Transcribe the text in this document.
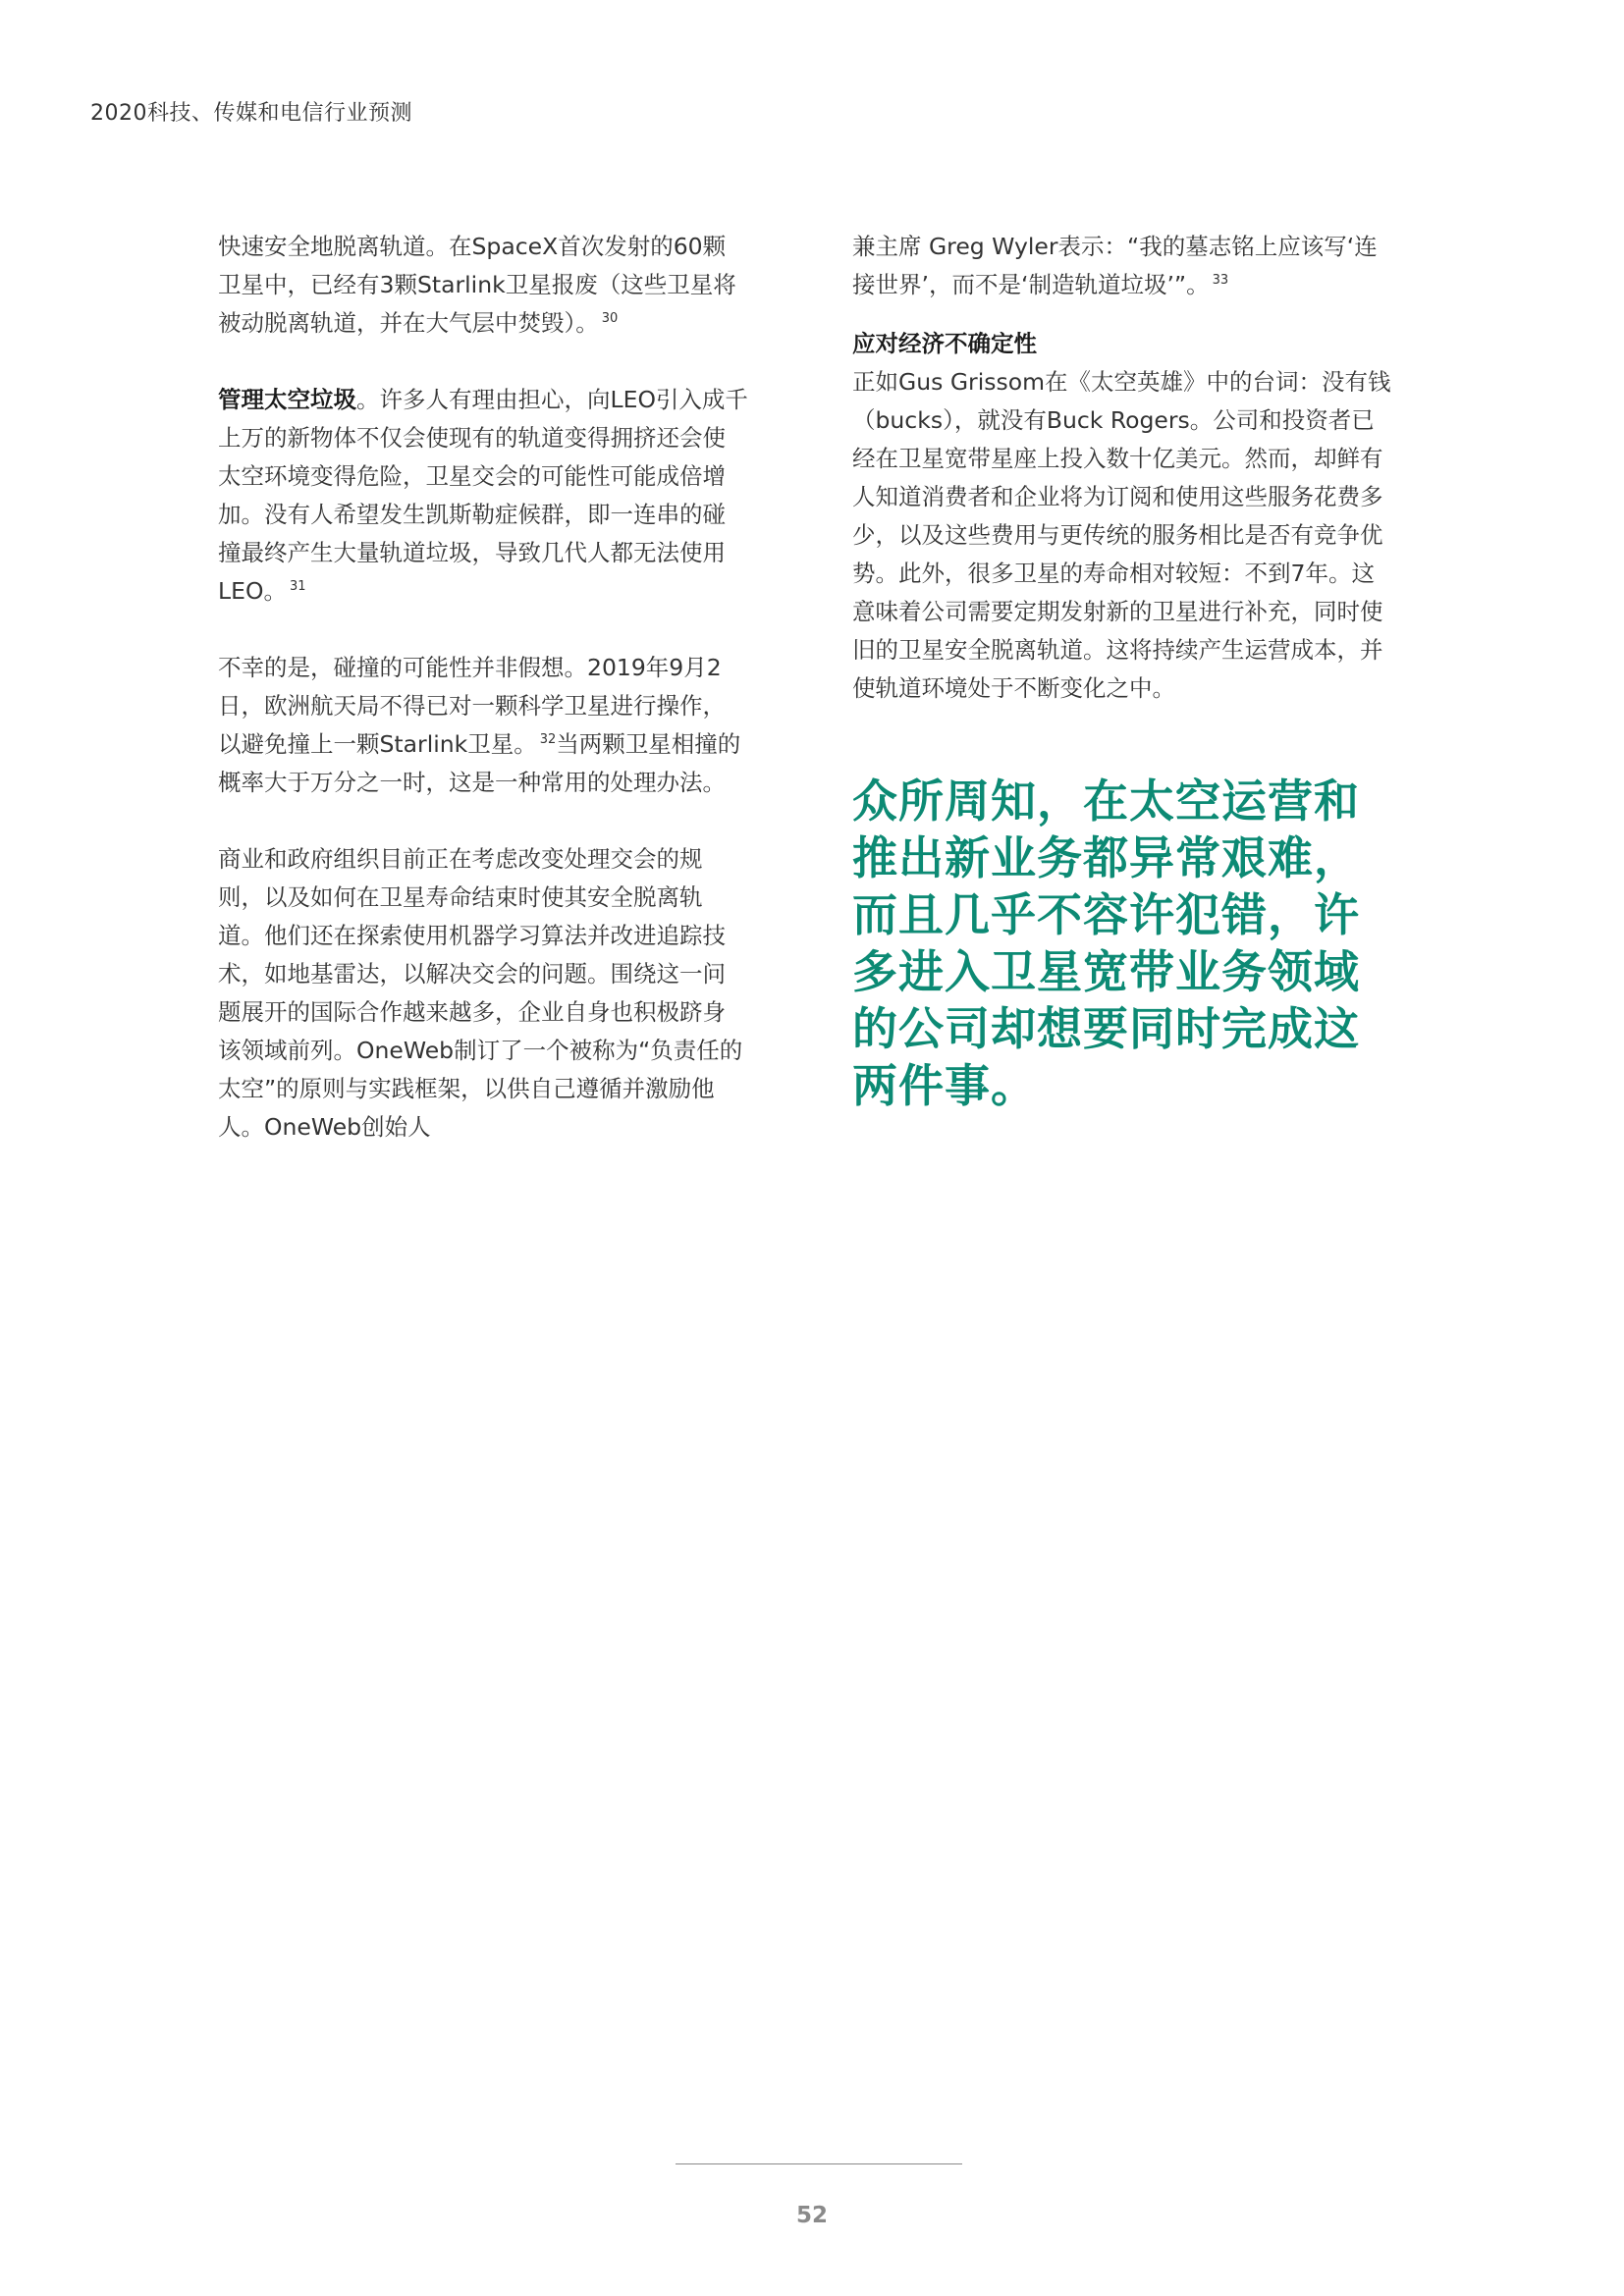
2020科技、传媒和电信行业预测

快速安全地脱离轨道。在SpaceX首次发射的60颗卫星中，已经有3颗Starlink卫星报废（这些卫星将被动脱离轨道，并在大气层中焚毁）。 $^{30}$

管理太空垃圾。许多人有理由担心，向LEO引入成千上万的新物体不仅会使现有的轨道变得拥挤还会使太空环境变得危险，卫星交会的可能性可能成倍增加。没有人希望发生凯斯勒症候群，即一连串的碰撞最终产生大量轨道垃圾，导致几代人都无法使用LEO。 $^{31}$

不幸的是，碰撞的可能性并非假想。2019年9月2日，欧洲航天局不得已对一颗科学卫星进行操作，以避免撞上一颗Starlink卫星。 $^{32}$当两颗卫星相撞的概率大于万分之一时，这是一种常用的处理办法。

商业和政府组织目前正在考虑改变处理交会的规则，以及如何在卫星寿命结束时使其安全脱离轨道。他们还在探索使用机器学习算法并改进追踪技术，如地基雷达，以解决交会的问题。围绕这一问题展开的国际合作越来越多，企业自身也积极跻身该领域前列。OneWeb制订了一个被称为“负责任的太空”的原则与实践框架，以供自己遵循并激励他人。OneWeb创始人

兼主席 Greg Wyler表示：“我的墓志铭上应该写‘连接世界’，而不是‘制造轨道垃圾’”。 $^{33}$

应对经济不确定性

正如Gus Grissom在《太空英雄》中的台词：没有钱（bucks），就没有Buck Rogers。公司和投资者已经在卫星宽带星座上投入数十亿美元。然而，却鲜有人知道消费者和企业将为订阅和使用这些服务花费多少，以及这些费用与更传统的服务相比是否有竞争优势。此外，很多卫星的寿命相对较短：不到7年。这意味着公司需要定期发射新的卫星进行补充，同时使旧的卫星安全脱离轨道。这将持续产生运营成本，并使轨道环境处于不断变化之中。

众所周知，在太空运营和推出新业务都异常艰难，而且几乎不容许犯错，许多进入卫星宽带业务领域的公司却想要同时完成这两件事。

52
